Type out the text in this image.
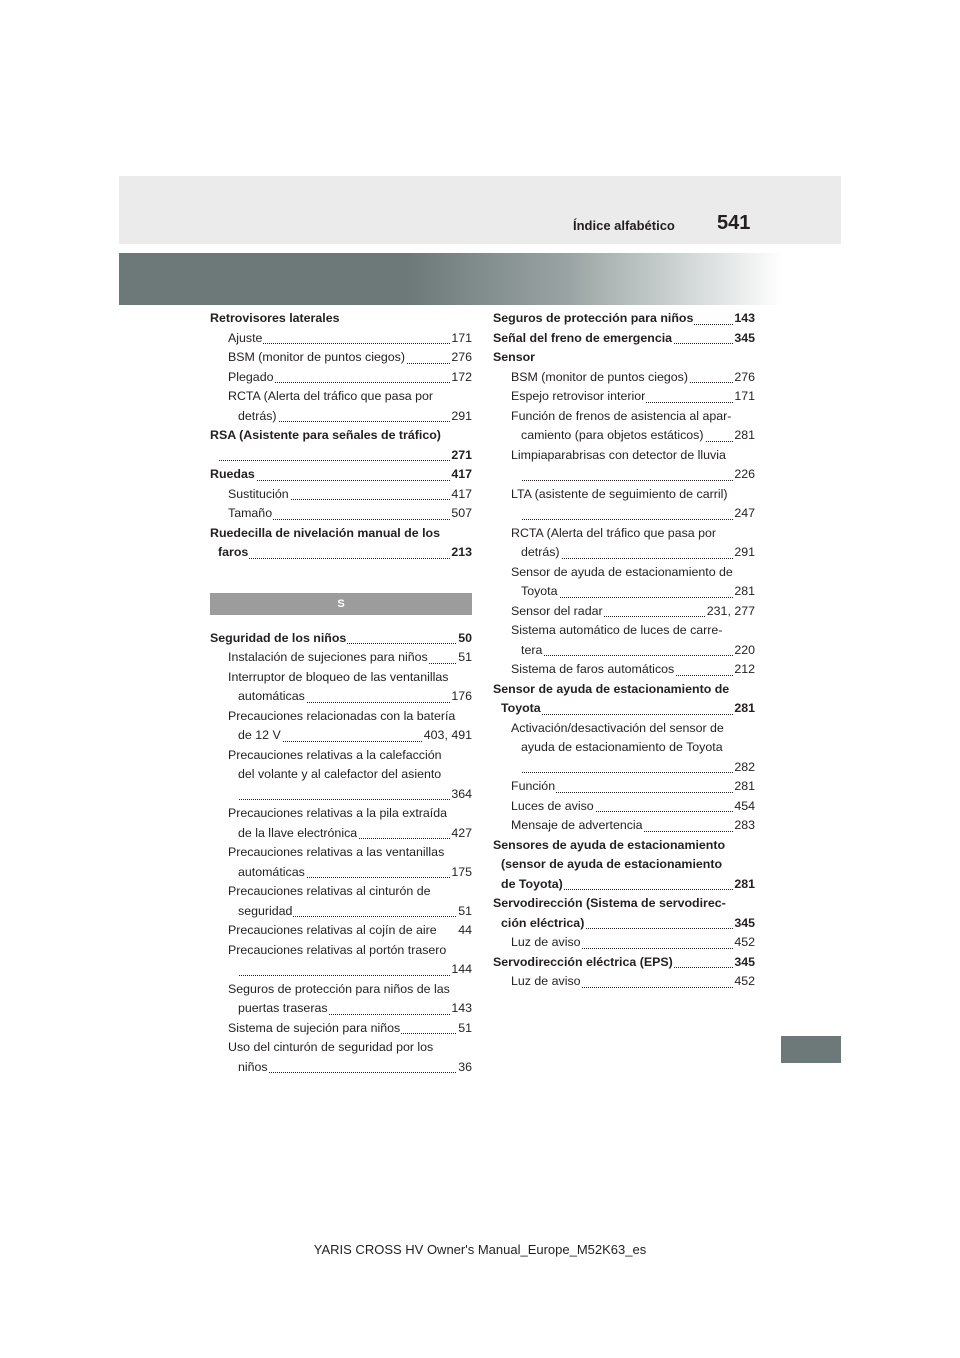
Índice alfabético 541
Retrovisores laterales
Ajuste	171
BSM (monitor de puntos ciegos)	276
Plegado	172
RCTA (Alerta del tráfico que pasa por
detrás)	291
RSA (Asistente para señales de tráfico)
271
Ruedas	417
Sustitución	417
Tamaño	507
Ruedecilla de nivelación manual de los
faros	213
S
Seguridad de los niños	50
Instalación de sujeciones para niños 51
Interruptor de bloqueo de las ventanillas
automáticas	176
Precauciones relacionadas con la batería
de 12 V	403, 491
Precauciones relativas a la calefacción
del volante y al calefactor del asiento
364
Precauciones relativas a la pila extraída
de la llave electrónica	427
Precauciones relativas a las ventanillas
automáticas	175
Precauciones relativas al cinturón de
seguridad	51
Precauciones relativas al cojín de aire 44
Precauciones relativas al portón trasero
144
Seguros de protección para niños de las
puertas traseras	143
Sistema de sujeción para niños	51
Uso del cinturón de seguridad por los
niños	36
Seguros de protección para niños	143
Señal del freno de emergencia	345
Sensor
BSM (monitor de puntos ciegos)	276
Espejo retrovisor interior	171
Función de frenos de asistencia al apar-
camiento (para objetos estáticos) 281
Limpiaparabrisas con detector de lluvia
226
LTA (asistente de seguimiento de carril)
247
RCTA (Alerta del tráfico que pasa por
detrás)	291
Sensor de ayuda de estacionamiento de
Toyota	281
Sensor del radar	231, 277
Sistema automático de luces de carre-
tera	220
Sistema de faros automáticos	212
Sensor de ayuda de estacionamiento de
Toyota	281
Activación/desactivación del sensor de
ayuda de estacionamiento de Toyota
282
Función	281
Luces de aviso	454
Mensaje de advertencia	283
Sensores de ayuda de estacionamiento
(sensor de ayuda de estacionamiento
de Toyota)	281
Servodirección (Sistema de servodirec-
ción eléctrica)	345
Luz de aviso	452
Servodirección eléctrica (EPS)	345
Luz de aviso	452
YARIS CROSS HV Owner's Manual_Europe_M52K63_es
